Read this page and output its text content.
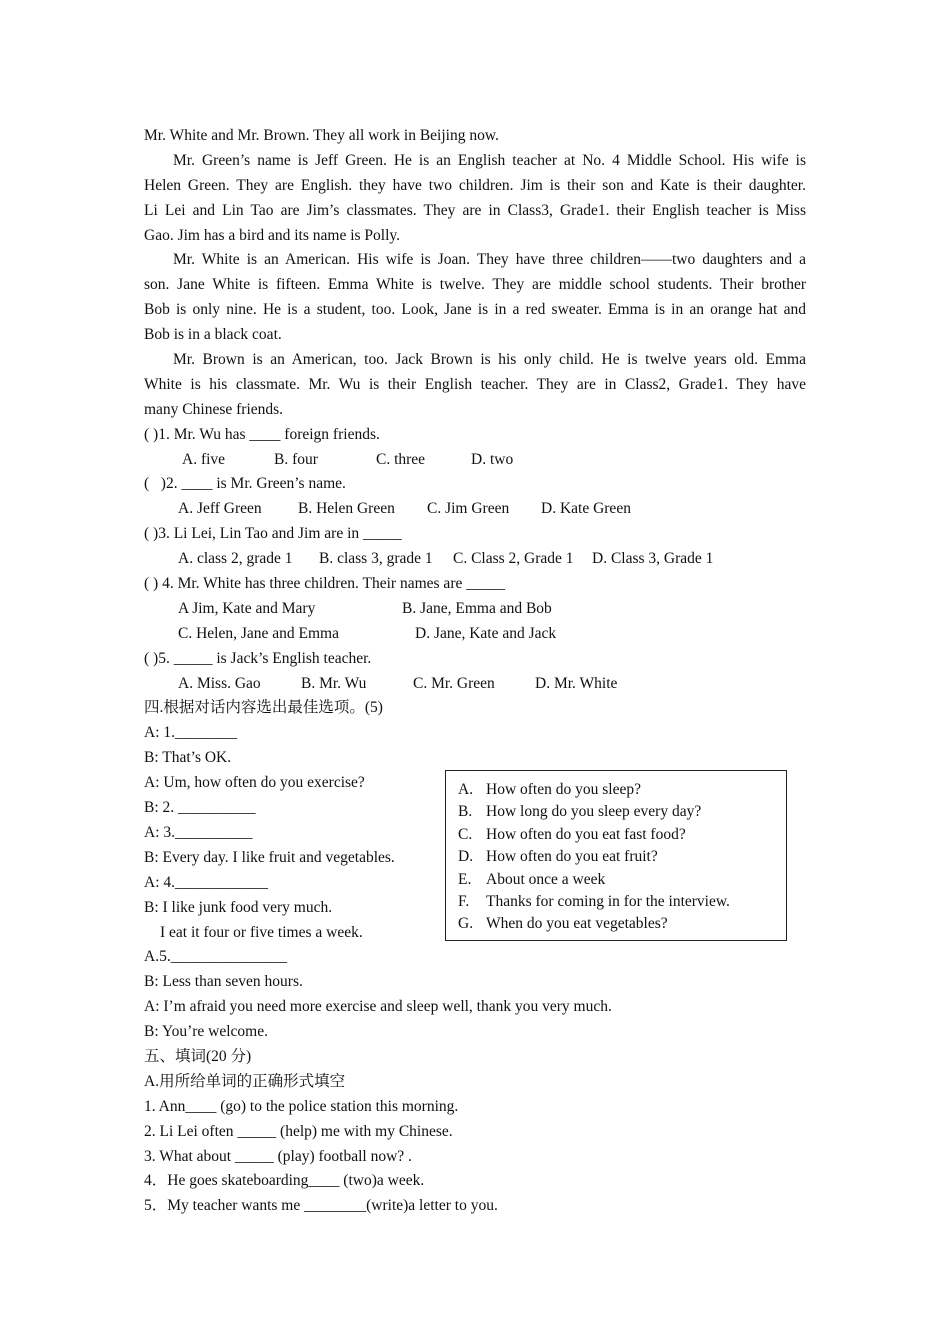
Mr. White and Mr. Brown. They all work in Beijing now.
Mr. Green’s name is Jeff Green. He is an English teacher at No. 4 Middle School. His wife is
Helen Green. They are English. they have two children. Jim is their son and Kate is their daughter.
Li Lei and Lin Tao are Jim’s classmates. They are in Class3, Grade1. their English teacher is Miss
Gao. Jim has a bird and its name is Polly.
Mr. White is an American. His wife is Joan. They have three children——two daughters and a
son. Jane White is fifteen. Emma White is twelve. They are middle school students. Their brother
Bob is only nine. He is a student, too. Look, Jane is in a red sweater. Emma is in an orange hat and
Bob is in a black coat.
Mr. Brown is an American, too. Jack Brown is his only child. He is twelve years old. Emma
White is his classmate. Mr. Wu is their English teacher. They are in Class2, Grade1. They have
many Chinese friends.
( )1. Mr. Wu has ____ foreign friends.
A. five	B. four	C. three	D. two
(   )2. ____ is Mr. Green’s name.
A. Jeff Green	B. Helen Green	C. Jim Green	D. Kate Green
( )3. Li Lei, Lin Tao and Jim are in _____
A. class 2, grade 1	B. class 3, grade 1	C. Class 2, Grade 1	D. Class 3, Grade 1
( ) 4. Mr. White has three children. Their names are _____
A Jim, Kate and Mary	B. Jane, Emma and Bob
C. Helen, Jane and Emma	D. Jane, Kate and Jack
( )5. _____ is Jack’s English teacher.
A. Miss. Gao	B. Mr. Wu	C. Mr. Green	D. Mr. White
四.根据对话内容选出最佳选项。(5)
A: 1.________
B: That’s OK.
A: Um, how often do you exercise?
B: 2. __________
A: 3.__________
B: Every day. I like fruit and vegetables.
A: 4.____________
B: I like junk food very much.
I eat it four or five times a week.
A.5._______________
B: Less than seven hours.
A: I’m afraid you need more exercise and sleep well, thank you very much.
B: You’re welcome.
五、填词(20 分)
A.用所给单词的正确形式填空
1. Ann____ (go) to the police station this morning.
2. Li Lei often _____ (help) me with my Chinese.
3. What about _____ (play) football now? .
4．He goes skateboarding____ (two)a week.
5．My teacher wants me ________(write)a letter to you.
A. How often do you sleep?
B. How long do you sleep every day?
C. How often do you eat fast food?
D. How often do you eat fruit?
E. About once a week
F.	Thanks for coming in for the interview.
G. When do you eat vegetables?
